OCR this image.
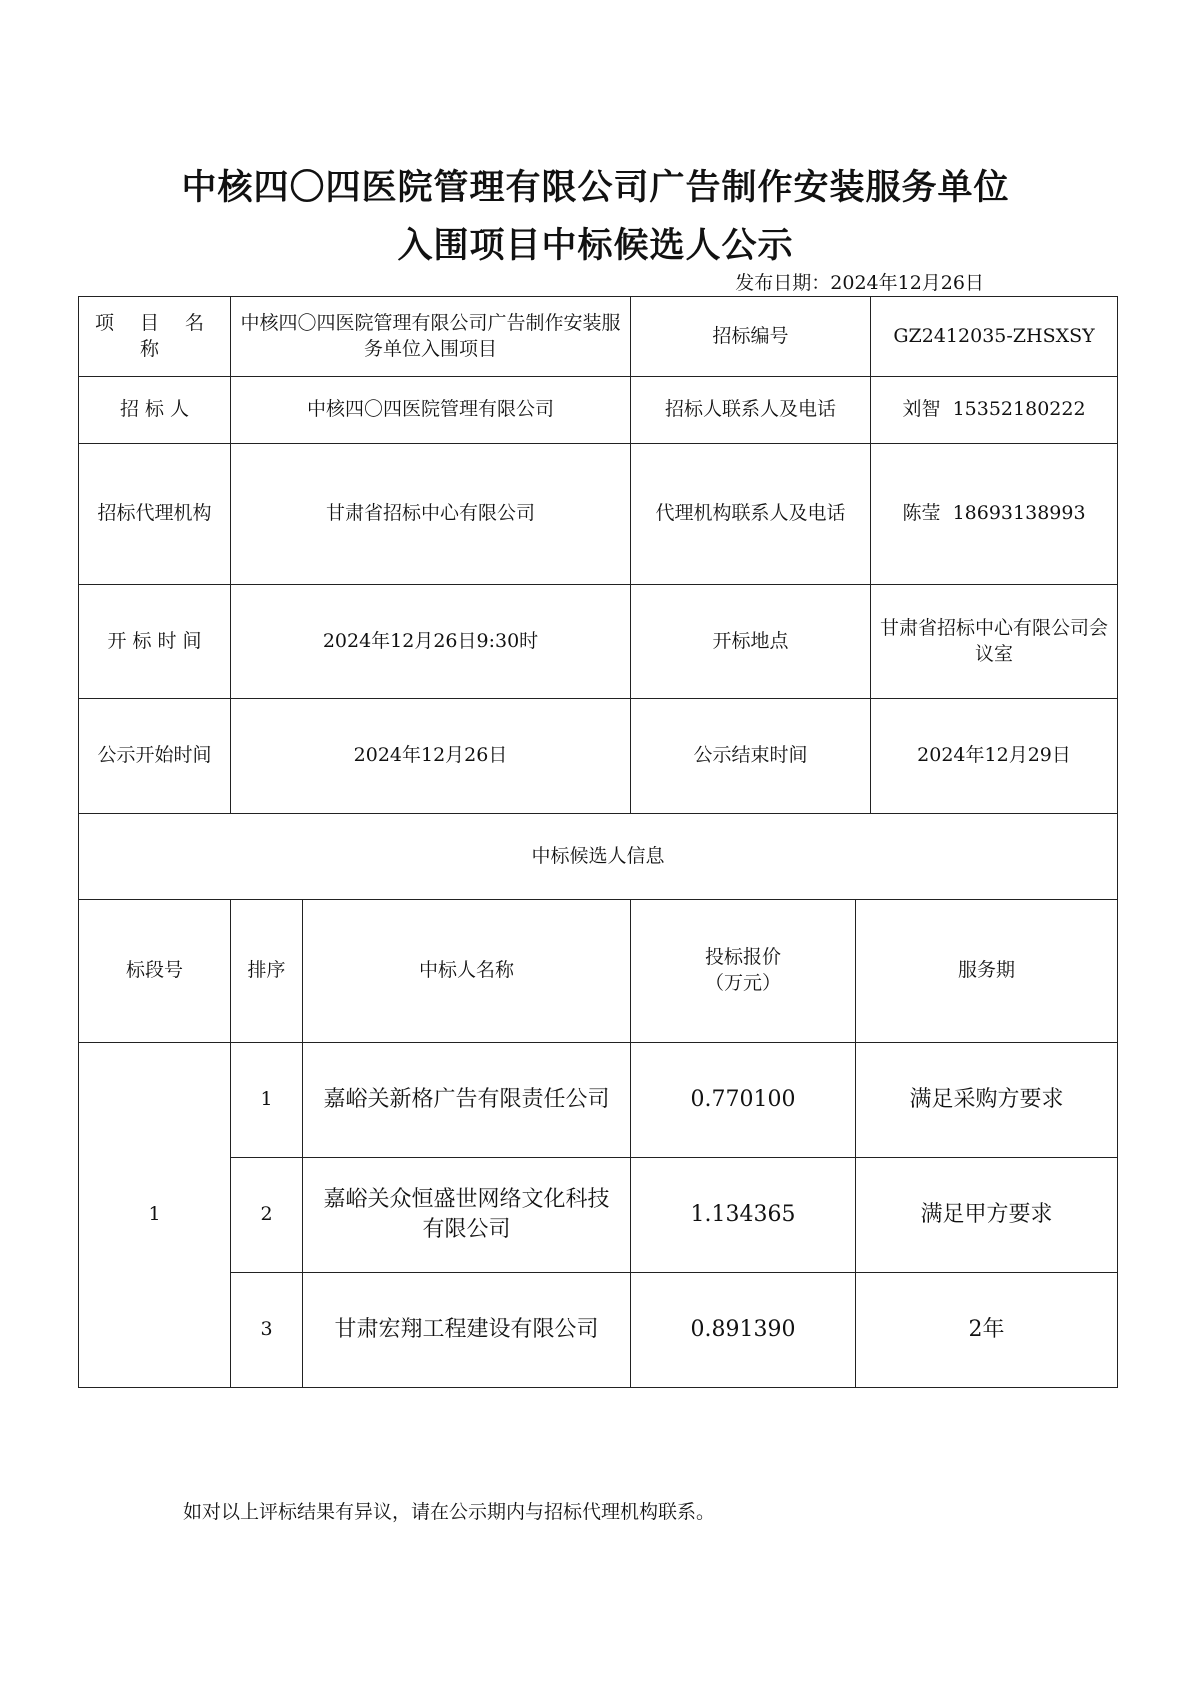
中核四〇四医院管理有限公司广告制作安装服务单位
入围项目中标候选人公示
发布日期：2024年12月26日
项 目 名 称	中核四〇四医院管理有限公司广告制作安装服务单位入围项目		招标编号		GZ2412035-ZHSXSY
招 标 人	中核四〇四医院管理有限公司		招标人联系人及电话		刘智  15352180222
招标代理机构	甘肃省招标中心有限公司		代理机构联系人及电话		陈莹  18693138993
开 标 时 间	2024年12月26日9:30时		开标地点		甘肃省招标中心有限公司会议室
公示开始时间	2024年12月26日		公示结束时间		2024年12月29日
中标候选人信息					
标段号	排序	中标人名称	投标报价（万元）	服务期	
1	1	嘉峪关新格广告有限责任公司	0.770100	满足采购方要求	
	2	嘉峪关众恒盛世网络文化科技有限公司	1.134365	满足甲方要求	
	3	甘肃宏翔工程建设有限公司	0.891390	2年	
如对以上评标结果有异议，请在公示期内与招标代理机构联系。
